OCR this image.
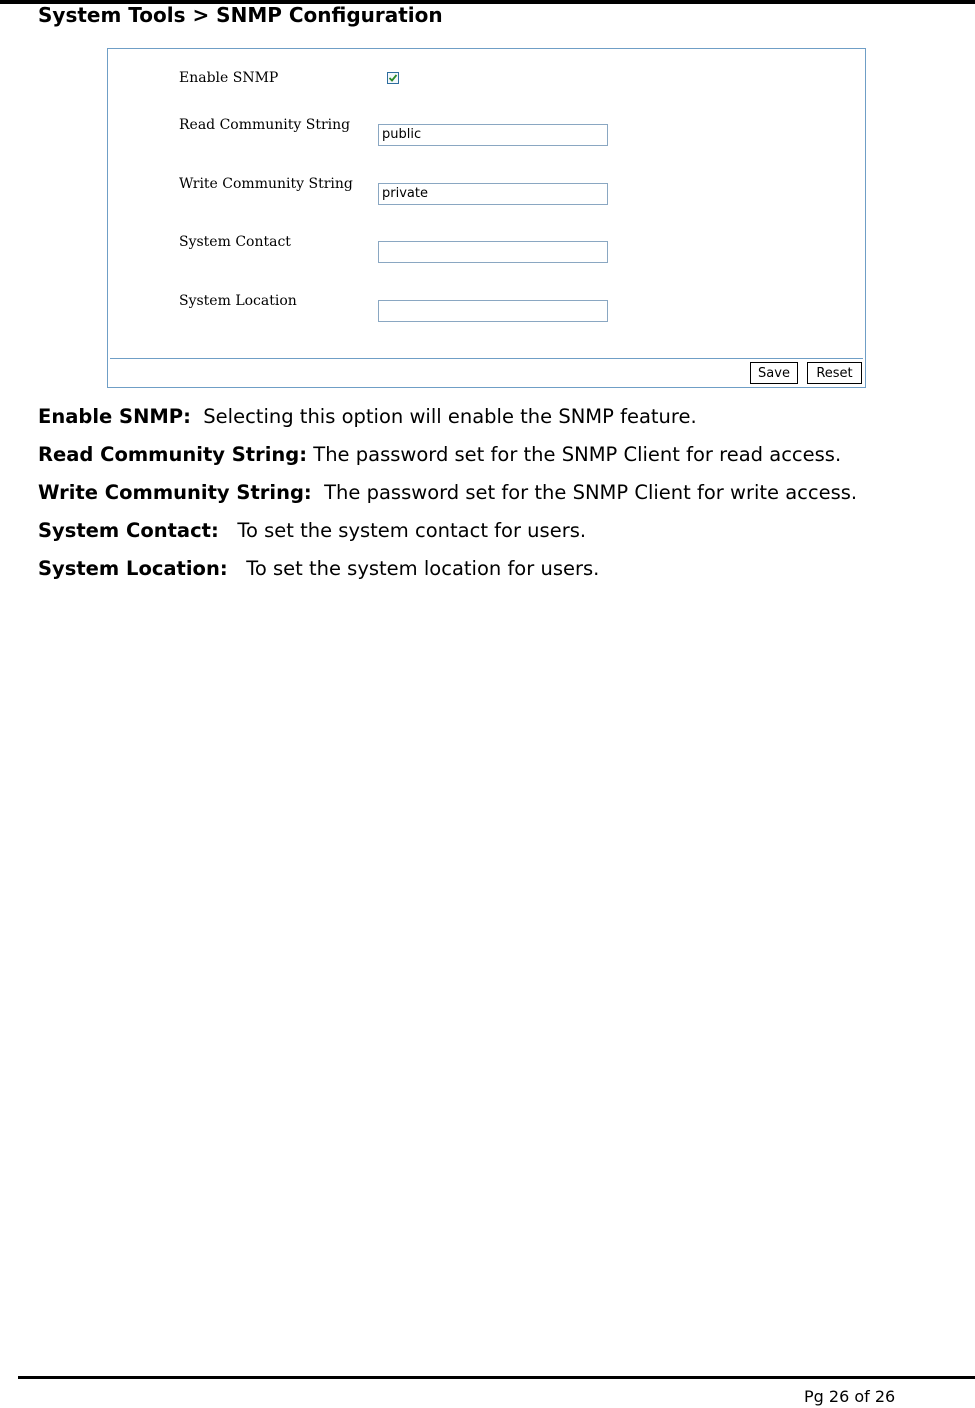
System Tools > SNMP Configuration
Enable SNMP
Read Community String
public
Write Community String
private
System Contact
System Location
Save	Reset
Enable SNMP: Selecting this option will enable the SNMP feature.
Read Community String: The password set for the SNMP Client for read access.
Write Community String: The password set for the SNMP Client for write access.
System Contact: To set the system contact for users.
System Location: To set the system location for users.
Pg 26 of 26
